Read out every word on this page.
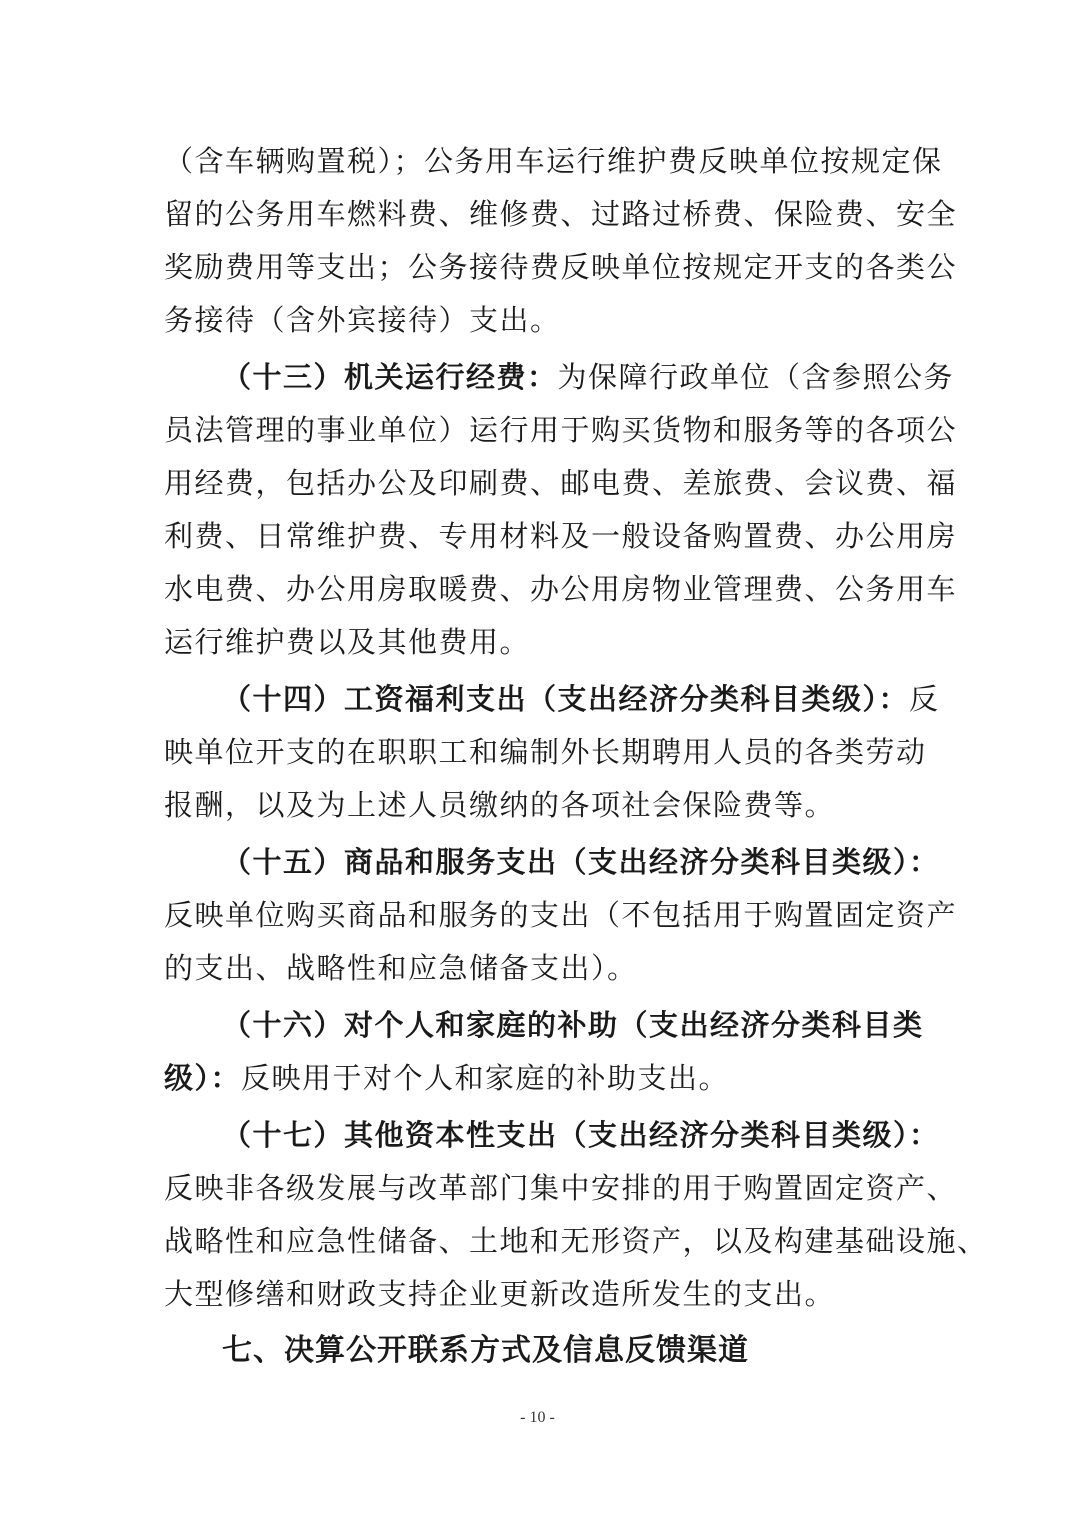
（含车辆购置税）；公务用车运行维护费反映单位按规定保
留的公务用车燃料费、维修费、过路过桥费、保险费、安全
奖励费用等支出；公务接待费反映单位按规定开支的各类公
务接待（含外宾接待）支出。
（十三）机关运行经费：为保障行政单位（含参照公务
员法管理的事业单位）运行用于购买货物和服务等的各项公
用经费，包括办公及印刷费、邮电费、差旅费、会议费、福
利费、日常维护费、专用材料及一般设备购置费、办公用房
水电费、办公用房取暖费、办公用房物业管理费、公务用车
运行维护费以及其他费用。
（十四）工资福利支出（支出经济分类科目类级）：反
映单位开支的在职职工和编制外长期聘用人员的各类劳动
报酬，以及为上述人员缴纳的各项社会保险费等。
（十五）商品和服务支出（支出经济分类科目类级）：
反映单位购买商品和服务的支出（不包括用于购置固定资产
的支出、战略性和应急储备支出）。
（十六）对个人和家庭的补助（支出经济分类科目类
级）：反映用于对个人和家庭的补助支出。
（十七）其他资本性支出（支出经济分类科目类级）：
反映非各级发展与改革部门集中安排的用于购置固定资产、
战略性和应急性储备、土地和无形资产，以及构建基础设施、
大型修缮和财政支持企业更新改造所发生的支出。
七、决算公开联系方式及信息反馈渠道
- 10 -
